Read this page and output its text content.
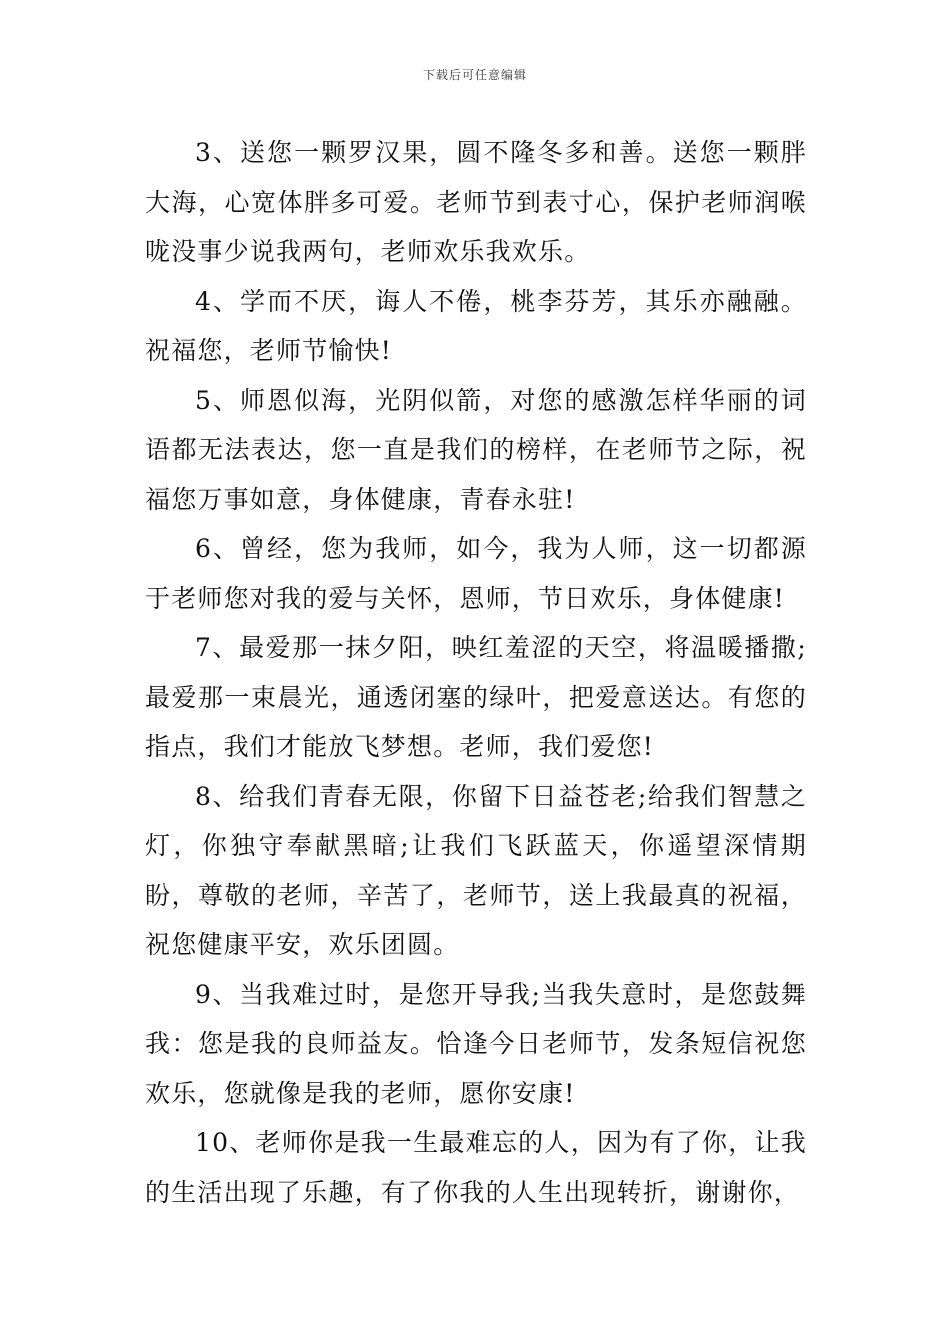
下载后可任意编辑

3、送您一颗罗汉果，圆不隆冬多和善。送您一颗胖大海，心宽体胖多可爱。老师节到表寸心，保护老师润喉咙没事少说我两句，老师欢乐我欢乐。

4、学而不厌，诲人不倦，桃李芬芳，其乐亦融融。祝福您，老师节愉快!

5、师恩似海，光阴似箭，对您的感激怎样华丽的词语都无法表达，您一直是我们的榜样，在老师节之际，祝福您万事如意，身体健康，青春永驻!

6、曾经，您为我师，如今，我为人师，这一切都源于老师您对我的爱与关怀，恩师，节日欢乐，身体健康!

7、最爱那一抹夕阳，映红羞涩的天空，将温暖播撒;最爱那一束晨光，通透闭塞的绿叶，把爱意送达。有您的指点，我们才能放飞梦想。老师，我们爱您!

8、给我们青春无限，你留下日益苍老;给我们智慧之灯，你独守奉献黑暗;让我们飞跃蓝天，你遥望深情期盼，尊敬的老师，辛苦了，老师节，送上我最真的祝福，祝您健康平安，欢乐团圆。

9、当我难过时，是您开导我;当我失意时，是您鼓舞我：您是我的良师益友。恰逢今日老师节，发条短信祝您欢乐，您就像是我的老师，愿你安康!

10、老师你是我一生最难忘的人，因为有了你，让我的生活出现了乐趣，有了你我的人生出现转折，谢谢你，
